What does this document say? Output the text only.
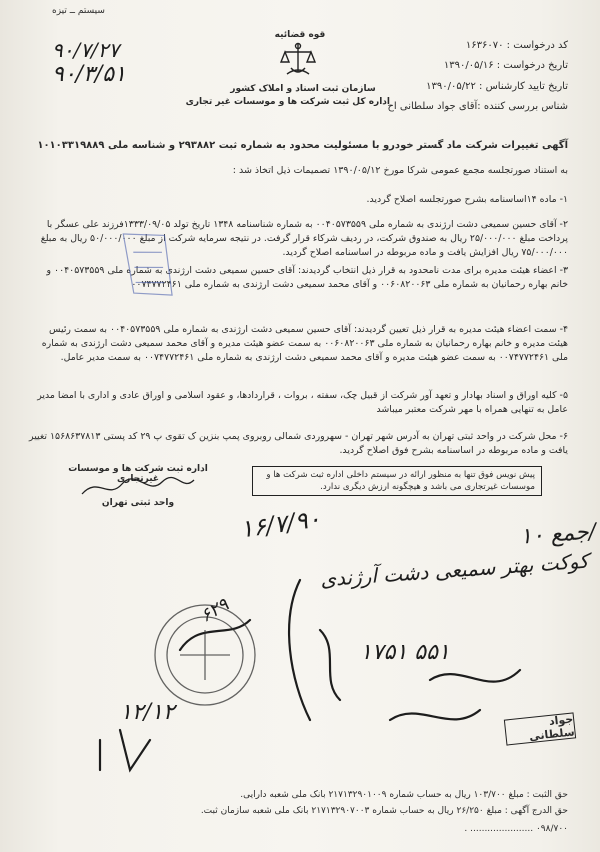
سیستم ــ تیزه
قوه قضائیه
سازمان ثبت اسناد و املاک کشور
اداره کل ثبت شرکت ها و موسسات غیر تجاری
کد درخواست : ۱۶۳۶۰۷۰
تاریخ درخواست : ۱۳۹۰/۰۵/۱۶
تاریخ تایید کارشناس : ۱۳۹۰/۰۵/۲۲
شناس بررسی کننده :آقای جواد سلطانی اح
۹۰/۷/۲۷
۹۰/۳/۵۱
آگهی تغییرات شرکت ماد گستر خودرو با مسئولیت محدود به شماره ثبت ۲۹۳۸۸۲ و شناسه ملی ۱۰۱۰۳۳۱۹۸۸۹
به استناد صورتجلسه مجمع عمومی شرکا مورخ ۱۳۹۰/۰۵/۱۲ تصمیمات ذیل اتخاذ شد :
۱- ماده ۱۴اساسنامه بشرح صورتجلسه اصلاح گردید.
۲- آقای حسین سمیعی دشت ارژندی به شماره ملی ۰۰۴۰۵۷۳۵۵۹ به شماره شناسنامه ۱۳۴۸ تاریخ تولد ۱۳۳۳/۰۹/۰۵فرزند علی عسگر با پرداخت مبلغ ۲۵/۰۰۰/۰۰۰ ریال به صندوق شرکت، در ردیف شرکاء قرار گرفت. در نتیجه سرمایه شرکت از مبلغ ۵۰/۰۰۰/۰۰۰ ریال به مبلغ ۷۵/۰۰۰/۰۰۰ ریال افزایش یافت و ماده مربوطه در اساسنامه اصلاح گردید.
۳- اعضاء هیئت مدیره برای مدت نامحدود به قرار ذیل انتخاب گردیدند: آقای حسین سمیعی دشت ارژندی به شماره ملی ۰۰۴۰۵۷۳۵۵۹ و خانم بهاره رحمانیان به شماره ملی ۰۰۶۰۸۲۰۰۶۳ و آقای محمد سمیعی دشت ارژندی به شماره ملی ۰۰۷۴۷۷۲۴۶۱
۴- سمت اعضاء هیئت مدیره به قرار ذیل تعیین گردیدند: آقای حسین سمیعی دشت ارژندی به شماره ملی ۰۰۴۰۵۷۳۵۵۹ به سمت رئیس هیئت مدیره و خانم بهاره رحمانیان به شماره ملی ۰۰۶۰۸۲۰۰۶۳ به سمت عضو هیئت مدیره و آقای محمد سمیعی دشت ارژندی به شماره ملی ۰۰۷۴۷۷۲۴۶۱ به سمت عضو هیئت مدیره و آقای محمد سمیعی دشت ارژندی به شماره ملی ۰۰۷۴۷۷۲۴۶۱ به سمت مدیر عامل.
۵- کلیه اوراق و اسناد بهادار و تعهد آور شرکت از قبیل چک، سفته ، بروات ، قراردادها، و عقود اسلامی و اوراق عادی و اداری با امضا مدیر عامل به تنهایی همراه با مهر شرکت معتبر میباشد
۶- محل شرکت در واحد ثبتی تهران به آدرس شهر تهران - سهروردی شمالی روبروی پمپ بنزین ک تقوی پ ۲۹ کد پستی ۱۵۶۸۶۳۷۸۱۳ تغییر یافت و ماده مربوطه در اساسنامه بشرح فوق اصلاح گردید.
اداره ثبت شرکت ها و موسسات غیرتجاری
واحد ثبتی تهران
پیش نویس فوق تنها به منظور ارائه در سیستم داخلی اداره ثبت شرکت ها و موسسات غیرتجاری می باشد و هیچگونه ارزش دیگری ندارد.
۱۶/۷/۹۰	جمع ۱۰/
کوکت بهتر سمیعی دشت آرژندی
۱۷۵۱ ۵۵۱
۶۲۹
۱۲/۱۲	جواد سلطانی
حق الثبت : مبلغ ۱۰۳/۷۰۰ ریال به حساب شماره ۲۱۷۱۳۲۹۰۱۰۰۹ بانک ملی شعبه دارایی.
حق الدرج آگهی : مبلغ ۲۶/۲۵۰ ریال به حساب شماره ۲۱۷۱۳۲۹۰۷۰۰۳ بانک ملی شعبه سازمان ثبت.
۰۹۸/۷۰۰ ...................... .
